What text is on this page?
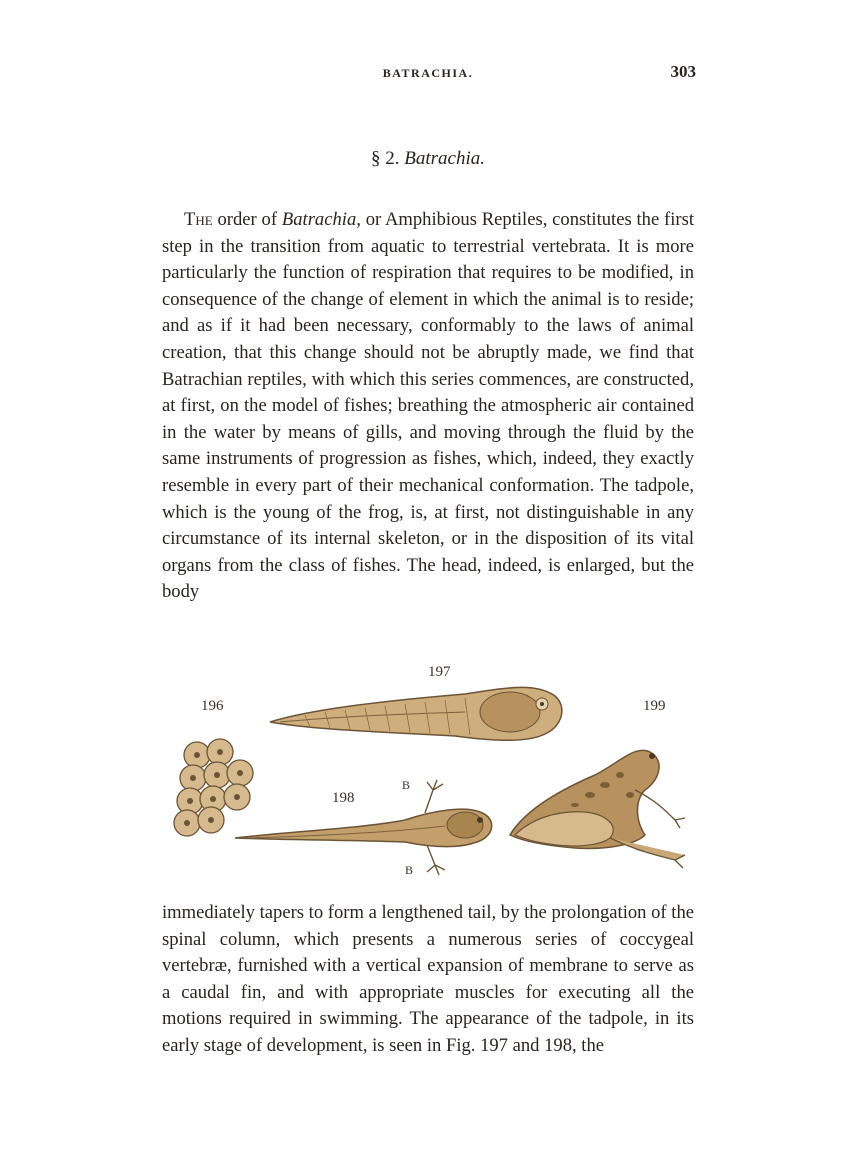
BATRACHIA.	303
§ 2. Batrachia.

The order of Batrachia, or Amphibious Reptiles, constitutes the first step in the transition from aquatic to terrestrial vertebrata. It is more particularly the function of respiration that requires to be modified, in consequence of the change of element in which the animal is to reside; and as if it had been necessary, conformably to the laws of animal creation, that this change should not be abruptly made, we find that Batrachian reptiles, with which this series commences, are constructed, at first, on the model of fishes; breathing the atmospheric air contained in the water by means of gills, and moving through the fluid by the same instruments of progression as fishes, which, indeed, they exactly resemble in every part of their mechanical conformation. The tadpole, which is the young of the frog, is, at first, not distinguishable in any circumstance of its internal skeleton, or in the disposition of its vital organs from the class of fishes. The head, indeed, is enlarged, but the body

196
197
198
199
B
B

immediately tapers to form a lengthened tail, by the prolongation of the spinal column, which presents a numerous series of coccygeal vertebræ, furnished with a vertical expansion of membrane to serve as a caudal fin, and with appropriate muscles for executing all the motions required in swimming. The appearance of the tadpole, in its early stage of development, is seen in Fig. 197 and 198, the
